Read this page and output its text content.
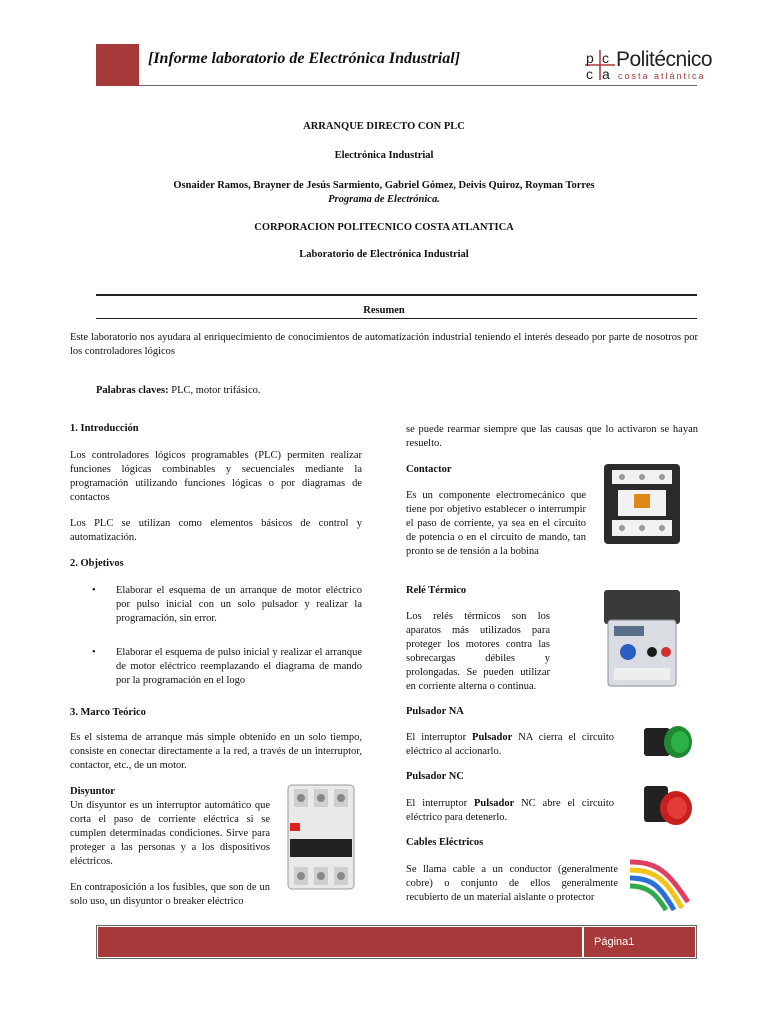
[Informe laboratorio de Electrónica Industrial]	p c
c a
Politécnico
costa atlántica
ARRANQUE DIRECTO CON PLC
Electrónica Industrial
Osnaider Ramos, Brayner de Jesús Sarmiento, Gabriel Gómez, Deivis Quiroz, Royman Torres
Programa de Electrónica.
CORPORACION POLITECNICO COSTA ATLANTICA
Laboratorio de Electrónica Industrial
Resumen
Este laboratorio nos ayudara al enriquecimiento de conocimientos de automatización industrial teniendo el interés deseado por parte de nosotros por los controladores lógicos
Palabras claves: PLC, motor trifásico.
1. Introducción
Los controladores lógicos programables (PLC) permiten realizar funciones lógicas combinables y secuenciales mediante la programación utilizando funciones lógicas o por diagramas de contactos
Los PLC se utilizan como elementos básicos de control y automatización.
2. Objetivos
• Elaborar el esquema de un arranque de motor eléctrico por pulso inicial con un solo pulsador y realizar la programación, sin error.
• Elaborar el esquema de pulso inicial y realizar el arranque de motor eléctrico reemplazando el diagrama de mando por la programación en el logo
3. Marco Teórico
Es el sistema de arranque más simple obtenido en un solo tiempo, consiste en conectar directamente a la red, a través de un interruptor, contactor, etc., de un motor.
Disyuntor
Un disyuntor es un interruptor automático que corta el paso de corriente eléctrica si se cumplen determinadas condiciones. Sirve para proteger a las personas y a los dispositivos eléctricos.
En contraposición a los fusibles, que son de un solo uso, un disyuntor o breaker eléctrico
se puede rearmar siempre que las causas que lo activaron se hayan resuelto.
Contactor
Es un componente electromecánico que tiene por objetivo establecer o interrumpir el paso de corriente, ya sea en el circuito de potencia o en el circuito de mando, tan pronto se de tensión a la bobina
Relé Térmico
Los relés térmicos son los aparatos más utilizados para proteger los motores contra las sobrecargas débiles y prolongadas. Se pueden utilizar en corriente alterna o continua.
Pulsador NA
El interruptor Pulsador NA cierra el circuito eléctrico al accionarlo.
Pulsador NC
El interruptor Pulsador NC abre el circuito eléctrico para detenerlo.
Cables Eléctricos
Se llama cable a un conductor (generalmente cobre) o conjunto de ellos generalmente recubierto de un material aislante o protector
Página1
